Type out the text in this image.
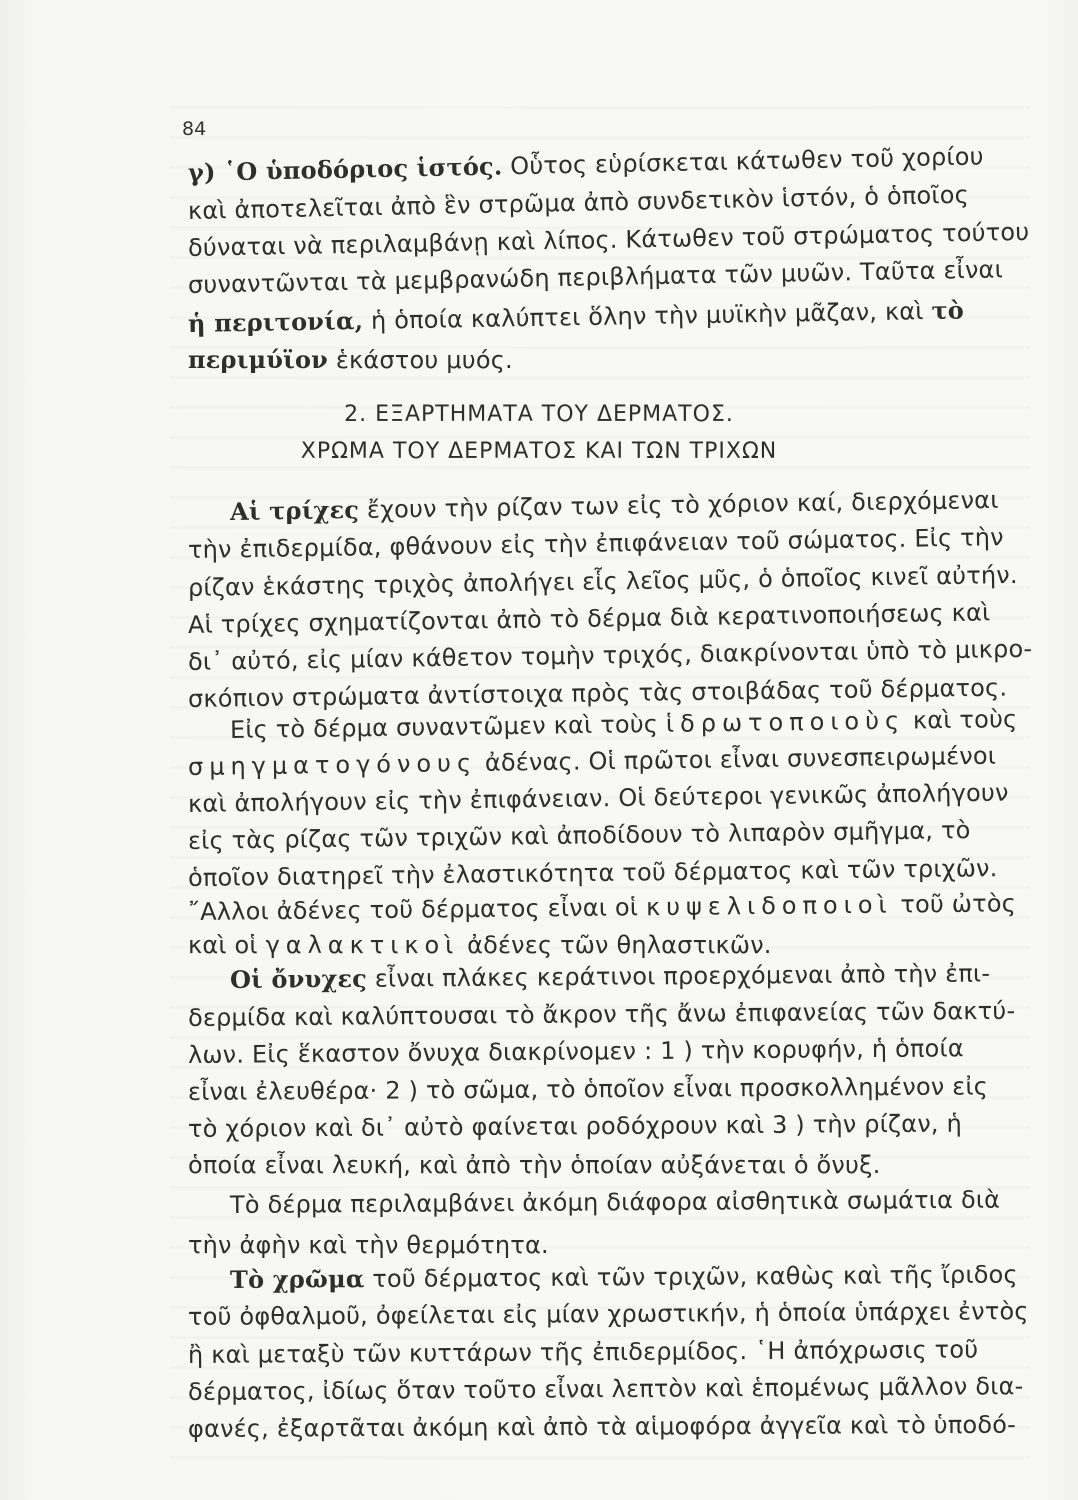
84
γ) ῾Ο ὑποδόριος ἱστός. Οὗτος εὑρίσκεται κάτωθεν τοῦ χορίου
καὶ ἀποτελεῖται ἀπὸ ἓν στρῶμα ἀπὸ συνδετικὸν ἱστόν, ὁ ὁποῖος
δύναται νὰ περιλαμβάνῃ καὶ λίπος. Κάτωθεν τοῦ στρώματος τούτου
συναντῶνται τὰ μεμβρανώδη περιβλήματα τῶν μυῶν. Ταῦτα εἶναι
ἡ περιτονία, ἡ ὁποία καλύπτει ὅλην τὴν μυϊκὴν μᾶζαν, καὶ τὸ
περιμύϊον ἑκάστου μυός.
2. ΕΞΑΡΤΗΜΑΤΑ ΤΟΥ ΔΕΡΜΑΤΟΣ.
ΧΡΩΜΑ ΤΟΥ ΔΕΡΜΑΤΟΣ ΚΑΙ ΤΩΝ ΤΡΙΧΩΝ
Αἱ τρίχες ἔχουν τὴν ρίζαν των εἰς τὸ χόριον καί, διερχόμεναι
τὴν ἐπιδερμίδα, φθάνουν εἰς τὴν ἐπιφάνειαν τοῦ σώματος. Εἰς τὴν
ρίζαν ἑκάστης τριχὸς ἀπολήγει εἷς λεῖος μῦς, ὁ ὁποῖος κινεῖ αὐτήν.
Αἱ τρίχες σχηματίζονται ἀπὸ τὸ δέρμα διὰ κερατινοποιήσεως καὶ
δι᾽ αὐτό, εἰς μίαν κάθετον τομὴν τριχός, διακρίνονται ὑπὸ τὸ μικρο-
σκόπιον στρώματα ἀντίστοιχα πρὸς τὰς στοιβάδας τοῦ δέρματος.
Εἰς τὸ δέρμα συναντῶμεν καὶ τοὺς ἱδρωτοποιοὺς καὶ τοὺς
σμηγματογόνους ἀδένας. Οἱ πρῶτοι εἶναι συνεσπειρωμένοι
καὶ ἀπολήγουν εἰς τὴν ἐπιφάνειαν. Οἱ δεύτεροι γενικῶς ἀπολήγουν
εἰς τὰς ρίζας τῶν τριχῶν καὶ ἀποδίδουν τὸ λιπαρὸν σμῆγμα, τὸ
ὁποῖον διατηρεῖ τὴν ἐλαστικότητα τοῦ δέρματος καὶ τῶν τριχῶν.
῎Αλλοι ἀδένες τοῦ δέρματος εἶναι οἱ κυψελιδοποιοὶ τοῦ ὠτὸς
καὶ οἱ γαλακτικοὶ ἀδένες τῶν θηλαστικῶν.
Οἱ ὄνυχες εἶναι πλάκες κεράτινοι προερχόμεναι ἀπὸ τὴν ἐπι-
δερμίδα καὶ καλύπτουσαι τὸ ἄκρον τῆς ἄνω ἐπιφανείας τῶν δακτύ-
λων. Εἰς ἕκαστον ὄνυχα διακρίνομεν : 1 ) τὴν κορυφήν, ἡ ὁποία
εἶναι ἐλευθέρα· 2 ) τὸ σῶμα, τὸ ὁποῖον εἶναι προσκολλημένον εἰς
τὸ χόριον καὶ δι᾽ αὐτὸ φαίνεται ροδόχρουν καὶ 3 ) τὴν ρίζαν, ἡ
ὁποία εἶναι λευκή, καὶ ἀπὸ τὴν ὁποίαν αὐξάνεται ὁ ὄνυξ.
Τὸ δέρμα περιλαμβάνει ἀκόμη διάφορα αἰσθητικὰ σωμάτια διὰ
τὴν ἀφὴν καὶ τὴν θερμότητα.
Τὸ χρῶμα τοῦ δέρματος καὶ τῶν τριχῶν, καθὼς καὶ τῆς ἴριδος
τοῦ ὀφθαλμοῦ, ὀφείλεται εἰς μίαν χρωστικήν, ἡ ὁποία ὑπάρχει ἐντὸς
ἢ καὶ μεταξὺ τῶν κυττάρων τῆς ἐπιδερμίδος. ῾Η ἀπόχρωσις τοῦ
δέρματος, ἰδίως ὅταν τοῦτο εἶναι λεπτὸν καὶ ἑπομένως μᾶλλον δια-
φανές, ἐξαρτᾶται ἀκόμη καὶ ἀπὸ τὰ αἱμοφόρα ἀγγεῖα καὶ τὸ ὑποδό-
